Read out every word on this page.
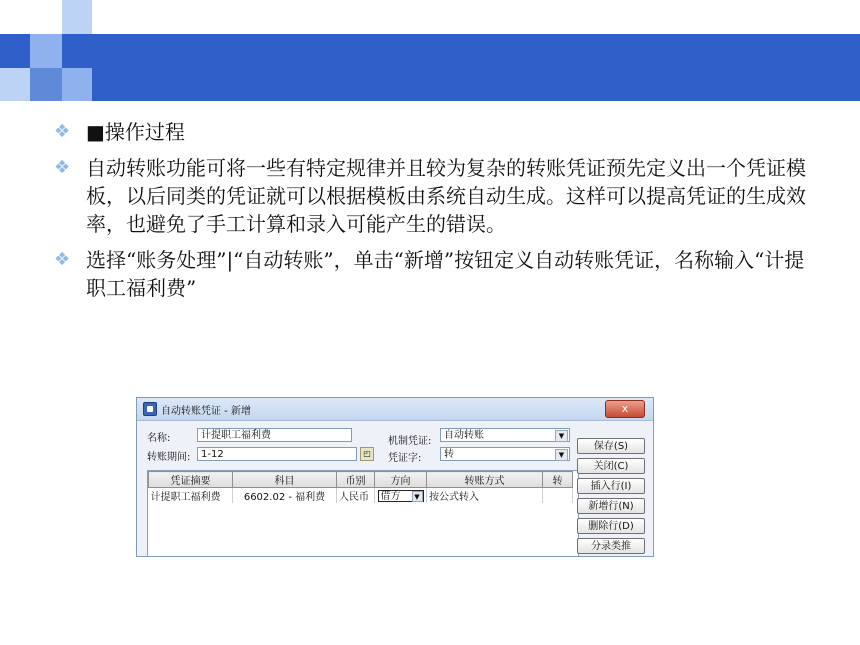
❖ ■操作过程
❖ 自动转账功能可将一些有特定规律并且较为复杂的转账凭证预先定义出一个凭证模板，以后同类的凭证就可以根据模板由系统自动生成。这样可以提高凭证的生成效率，也避免了手工计算和录入可能产生的错误。
❖ 选择“账务处理”|“自动转账”，单击“新增”按钮定义自动转账凭证，名称输入“计提职工福利费”
自动转账凭证 - 新增	x
名称:	计提职工福利费
转账期间:	1-12	◰
机制凭证:
自动转账	▼
凭证字:	转	▼
凭证摘要	科目	币别	方向	转账方式	转
计提职工福利费	6602.02 - 福利费	人民币	借方 ▼	按公式转入	
保存(S)
关闭(C)
插入行(I)
新增行(N)
删除行(D)
分录类推
